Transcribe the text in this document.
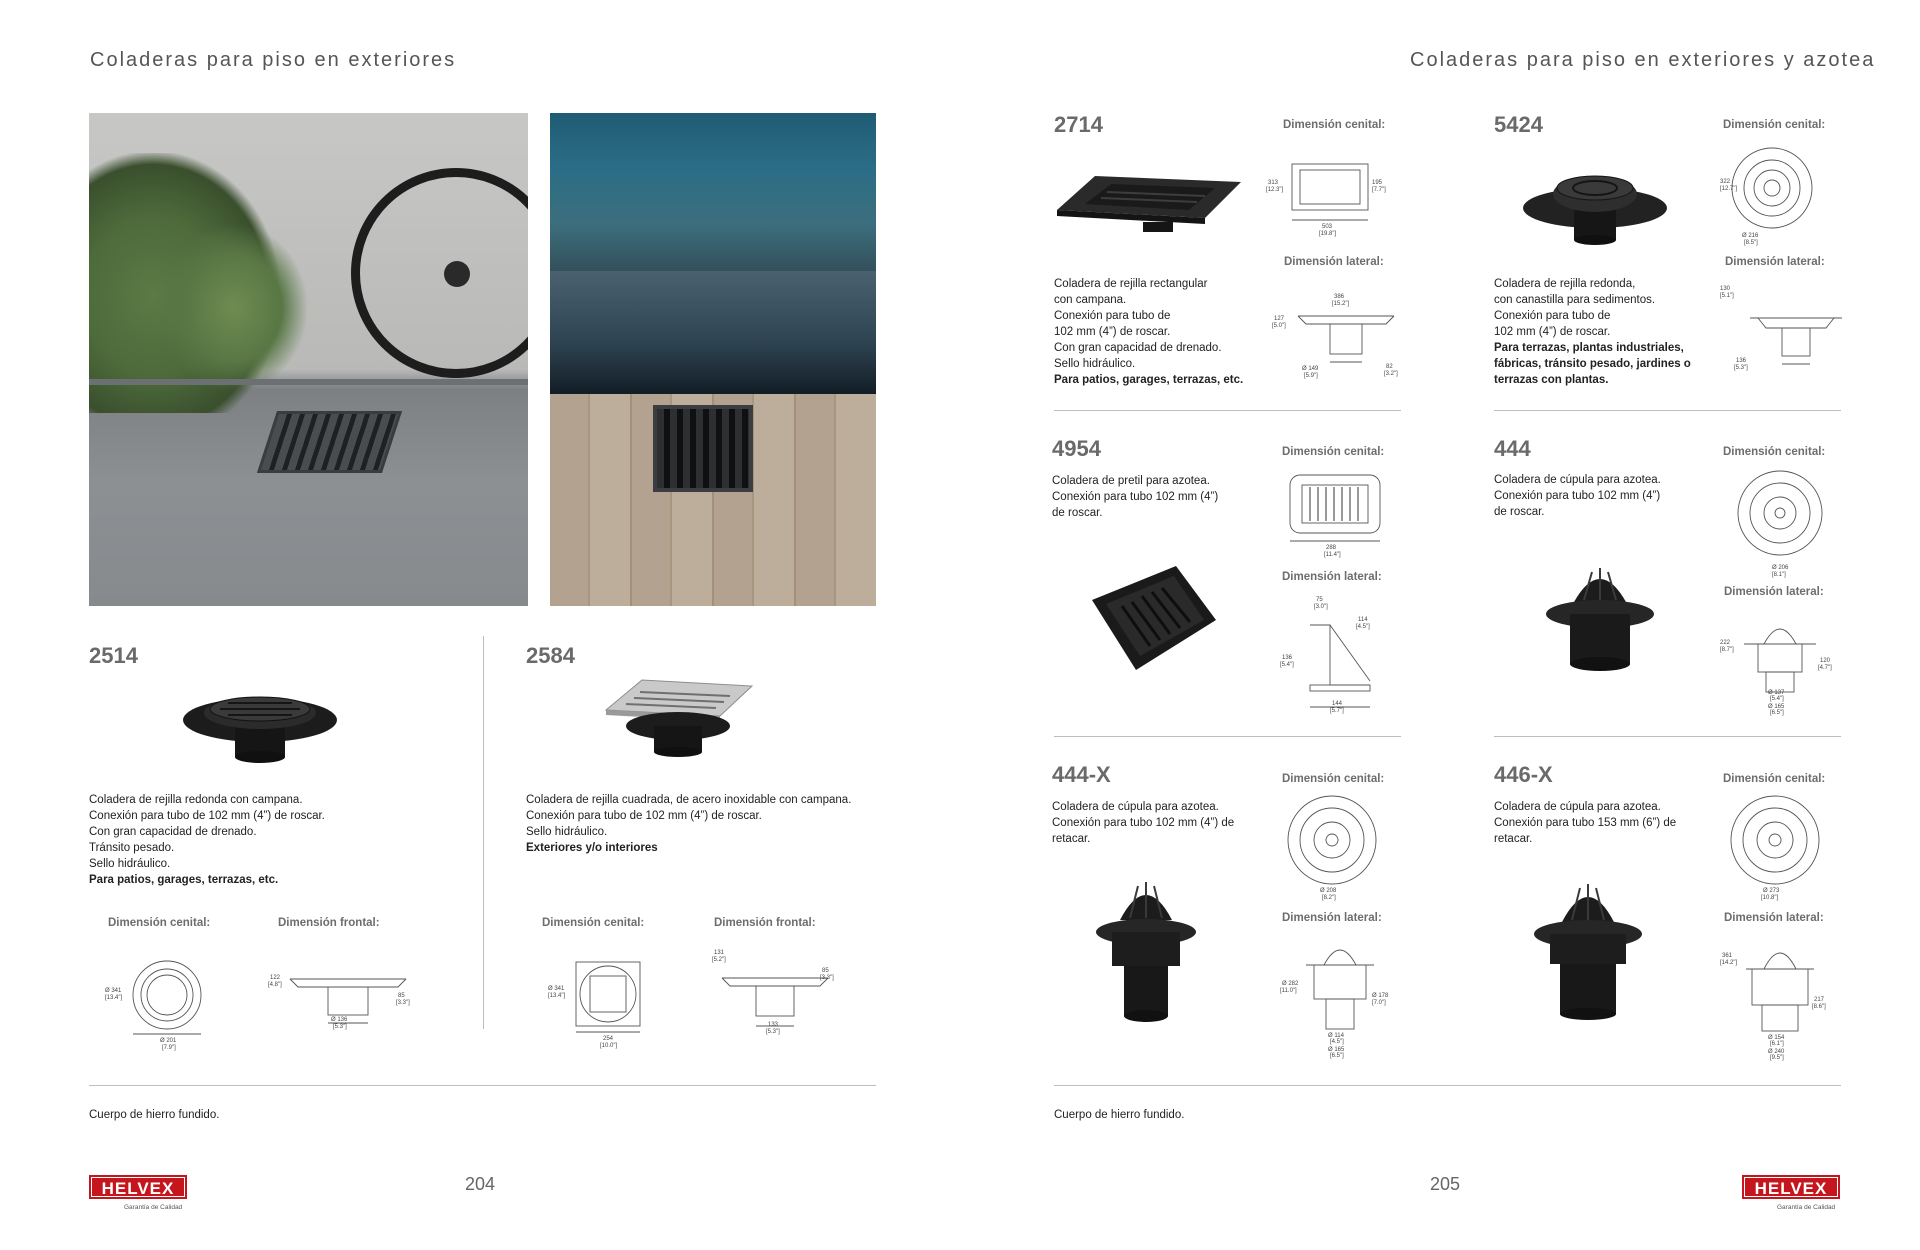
Coladeras para piso en exteriores
2514

Coladera de rejilla redonda con campana.

Conexión para tubo de 102 mm (4”) de roscar.

Con gran capacidad de drenado.

Tránsito pesado.

Sello hidráulico.

Para patios, garages, terrazas, etc.

Dimensión cenital:	Dimensión frontal:
Ø 341
[13.4"]
Ø 201
[7.9"]
122
[4.8"]
Ø 136
[5.3"]
85
[3.3"]
2584

Coladera de rejilla cuadrada, de acero inoxidable con campana.

Conexión para tubo de 102 mm (4”) de roscar.

Sello hidráulico.

Exteriores y/o interiores

Dimensión cenital:	Dimensión frontal:
Ø 341
[13.4"]
254
[10.0"]
131
[5.2"]
85
[3.3"]
133
[5.3"]
Cuerpo de hierro fundido.
204
HELVEX
Garantía de Calidad
Coladeras para piso en exteriores y azotea
2714	Dimensión cenital:
313
[12.3"]
195
[7.7"]
503
[19.8"]
Dimensión lateral:

Coladera de rejilla rectangular

con campana.

Conexión para tubo de

102 mm (4”) de roscar.

Con gran capacidad de drenado.

Sello hidráulico.

Para patios, garages, terrazas, etc.

386
[15.2"]
127
[5.0"]
Ø 149
[5.9"]
82
[3.2"]
5424	Dimensión cenital:
322
[12.7"]
Ø 216
[8.5"]
Dimensión lateral:

Coladera de rejilla redonda,

con canastilla para sedimentos.

Conexión para tubo de

102 mm (4”) de roscar.

Para terrazas, plantas industriales, fábricas, tránsito pesado, jardines o terrazas con plantas.

130
[5.1"]
136
[5.3"]
4954	Dimensión cenital:

Coladera de pretil para azotea.

Conexión para tubo 102 mm (4”)

de roscar.

288
[11.4"]
Dimensión lateral:
75
[3.0"]
114
[4.5"]
136
[5.4"]
144
[5.7"]
444	Dimensión cenital:

Coladera de cúpula para azotea.

Conexión para tubo 102 mm (4”)

de roscar.

Ø 206
[8.1"]
Dimensión lateral:
222
[8.7"]
120
[4.7"]
Ø 137
[5.4"]
Ø 165
[6.5"]
444-X	Dimensión cenital:

Coladera de cúpula para azotea.

Conexión para tubo 102 mm (4”) de

retacar.

Ø 208
[8.2"]
Dimensión lateral:
Ø 282
[11.0"]
Ø 178
[7.0"]
Ø 114
[4.5"]
Ø 165
[6.5"]
446-X	Dimensión cenital:

Coladera de cúpula para azotea.

Conexión para tubo 153 mm (6”) de

retacar.

Ø 273
[10.8"]
Dimensión lateral:
361
[14.2"]
217
[8.6"]
Ø 154
[6.1"]
Ø 240
[9.5"]
Cuerpo de hierro fundido.
205	HELVEX
Garantía de Calidad
